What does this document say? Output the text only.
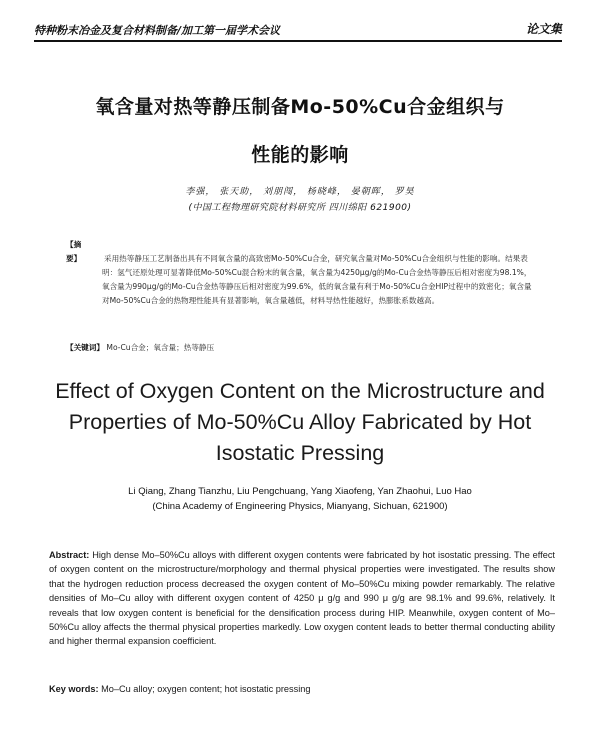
特种粉末冶金及复合材料制备/加工第一届学术会议	论文集
氧含量对热等静压制备Mo-50%Cu合金组织与
性能的影响
李强， 张天助， 刘朋闯， 杨晓峰， 晏朝晖， 罗昊
(中国工程物理研究院材料研究所 四川绵阳 621900)
【摘　要】	采用热等静压工艺制备出具有不同氧含量的高致密Mo-50%Cu合金，研究氧含量对Mo-50%Cu合金组织与性能的影响。结果表明：氢气还原处理可显著降低Mo-50%Cu混合粉末的氧含量，氧含量为4250μg/g的Mo-Cu合金热等静压后相对密度为98.1%，氧含量为990μg/g的Mo-Cu合金热等静压后相对密度为99.6%，低的氧含量有利于Mo-50%Cu合金HIP过程中的致密化；氧含量对Mo-50%Cu合金的热物理性能具有显著影响，氧含量越低，材料导热性能越好，热膨胀系数越高。
【关键词】 Mo-Cu合金；氧含量；热等静压
Effect of Oxygen Content on the Microstructure and
Properties of Mo-50%Cu Alloy Fabricated by Hot
Isostatic Pressing
Li Qiang, Zhang Tianzhu, Liu Pengchuang, Yang Xiaofeng, Yan Zhaohui, Luo Hao
(China Academy of Engineering Physics, Mianyang, Sichuan, 621900)
Abstract: High dense Mo–50%Cu alloys with different oxygen contents were fabricated by hot isostatic pressing. The effect of oxygen content on the microstructure/morphology and thermal physical properties were investigated. The results show that the hydrogen reduction process decreased the oxygen content of Mo–50%Cu mixing powder remarkably. The relative densities of Mo–Cu alloy with different oxygen content of 4250 μ g/g and 990 μ g/g are 98.1% and 99.6%, relatively. It reveals that low oxygen content is beneficial for the densification process during HIP. Meanwhile, oxygen content of Mo–50%Cu alloy affects the thermal physical properties markedly. Low oxygen content leads to better thermal conducting ability and higher thermal expansion coefficient.
Key words: Mo–Cu alloy; oxygen content; hot isostatic pressing
